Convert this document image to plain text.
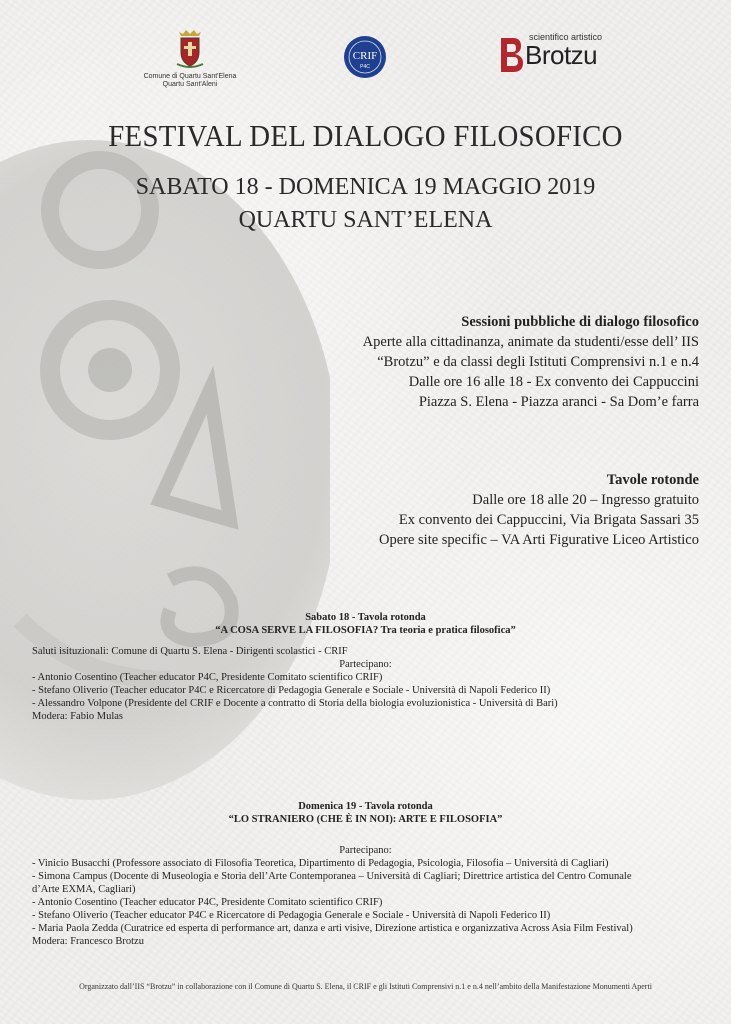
Comune di Quartu Sant'Elena
Quartu Sant'Aleni
CRIF
P4C
scientifico artistico
Brotzu
FESTIVAL DEL DIALOGO FILOSOFICO
SABATO 18 - DOMENICA 19 MAGGIO 2019
QUARTU SANT’ELENA
Sessioni pubbliche di dialogo filosofico
Aperte alla cittadinanza, animate da studenti/esse dell’ IIS
“Brotzu” e da classi degli Istituti Comprensivi n.1 e n.4
Dalle ore 16 alle 18 - Ex convento dei Cappuccini
Piazza S. Elena - Piazza aranci - Sa Dom’e farra
Tavole rotonde
Dalle ore 18 alle 20 – Ingresso gratuito
Ex convento dei Cappuccini, Via Brigata Sassari 35
Opere site specific – VA Arti Figurative Liceo Artistico
Sabato 18 - Tavola rotonda
“A COSA SERVE LA FILOSOFIA? Tra teoria e pratica filosofica”
Saluti isituzionali: Comune di Quartu S. Elena - Dirigenti scolastici - CRIF
Partecipano:
- Antonio Cosentino (Teacher educator P4C, Presidente Comitato scientifico CRIF)
- Stefano Oliverio (Teacher educator P4C e Ricercatore di Pedagogia Generale e Sociale - Università di Napoli Federico II)
- Alessandro Volpone (Presidente del CRIF e Docente a contratto di Storia della biologia evoluzionistica - Università di Bari)
Modera: Fabio Mulas
Domenica 19 - Tavola rotonda
“LO STRANIERO (CHE È IN NOI): ARTE E FILOSOFIA”
Partecipano:
- Vinicio Busacchi (Professore associato di Filosofia Teoretica, Dipartimento di Pedagogia, Psicologia, Filosofia – Università di Cagliari)
- Simona Campus (Docente di Museologia e Storia dell’Arte Contemporanea – Università di Cagliari; Direttrice artistica del Centro Comunale
d’Arte EXMA, Cagliari)
- Antonio Cosentino (Teacher educator P4C, Presidente Comitato scientifico CRIF)
- Stefano Oliverio (Teacher educator P4C e Ricercatore di Pedagogia Generale e Sociale - Università di Napoli Federico II)
- Maria Paola Zedda (Curatrice ed esperta di performance art, danza e arti visive, Direzione artistica e organizzativa Across Asia Film Festival)
Modera: Francesco Brotzu
Organizzato dall’IIS “Brotzu” in collaborazione con il Comune di Quartu S. Elena, il CRIF e gli Istituti Comprensivi n.1 e n.4 nell’ambito della Manifestazione Monumenti Aperti
